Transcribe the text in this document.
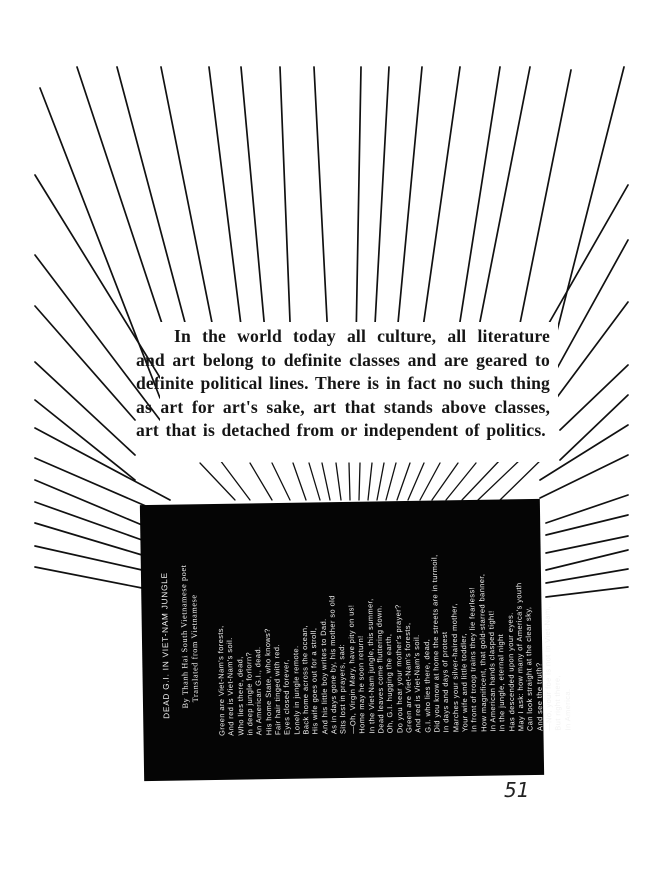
In the world today all culture, all literature and art belong to definite classes and are geared to definite political lines. There is in fact no such thing as art for art's sake, art that stands above classes, art that is detached from or independent of politics.
DEAD G.I. IN VIET-NAM JUNGLE By Thanh Hai South Vietnamese poet Translated from Vietnamese Green are Viet-Nam's forests,
And red is Viet-Nam's soil. Who lies there, dead, in deep jungle forlorn?
An American G.I., dead.
His home State, who knows?
Fair hair tinged with red. Eyes closed forever,
Lonely in jungle remote.
Back home across the ocean,
His wife goes out for a stroll,
And his little boy writes to Dad.
As in days gone by, his mother so old
Sits lost in prayers, sad:
—Oh, Virgin Mary, have pity on us!
Home may he soon return!
In the Viet-Nam jungle, this summer,
Dead leaves come fluttering down.
Oh, G.I. hugging the earth,
Do you hear your mother's prayer?
Green are Viet-Nam's forests,
And red is Viet-Nam's soil.
G.I. who lies there, dead,
Did you know at home the streets are in turmoil,
In days and days of protest
Marches your silver-haired mother,
Your wife and little toddler,
In front of troop trains they lie fearless!
How magnificent, that gold-starred banner,
In American hands clasped tight!
In the jungle, eternal night
Has descended upon your eyes.
May I ask: how many of America's youth
Can look straight at the clear sky, And see the truth?
—No, your foe is not in Viet-Nam, But right there, In America.
51
